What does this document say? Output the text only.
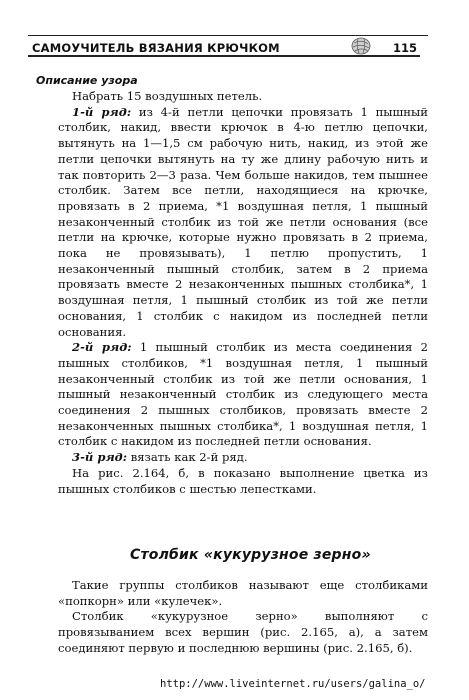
САМОУЧИТЕЛЬ ВЯЗАНИЯ КРЮЧКОМ	115
Описание узора

Набрать 15 воздушных петель.

1-й ряд: из 4-й петли цепочки провязать 1 пышный столбик, накид, ввести крючок в 4-ю петлю цепочки, вытянуть на 1—1,5 см рабочую нить, накид, из этой же петли цепочки вытянуть на ту же длину рабочую нить и так повторить 2—3 раза. Чем больше накидов, тем пышнее столбик. Затем все петли, находящиеся на крючке, провязать в 2 приема, *1 воздушная петля, 1 пышный незаконченный столбик из той же петли основания (все петли на крючке, которые нужно провязать в 2 приема, пока не провязывать), 1 петлю пропустить, 1 незаконченный пышный столбик, затем в 2 приема провязать вместе 2 незаконченных пышных столбика*, 1 воздушная петля, 1 пышный столбик из той же петли основания, 1 столбик с накидом из последней петли основания.

2-й ряд: 1 пышный столбик из места соединения 2 пышных столбиков, *1 воздушная петля, 1 пышный незаконченный столбик из той же петли основания, 1 пышный незаконченный столбик из следующего места соединения 2 пышных столбиков, провязать вместе 2 незаконченных пышных столбика*, 1 воздушная петля, 1 столбик с накидом из последней петли основания.

3-й ряд: вязать как 2-й ряд.

На рис. 2.164, б, в показано выполнение цветка из пышных столбиков с шестью лепестками.

Столбик «кукурузное зерно»

Такие группы столбиков называют еще столбиками «попкорн» или «кулечек».

Столбик «кукурузное зерно» выполняют с провязыванием всех вершин (рис. 2.165, а), а затем соединяют первую и последнюю вершины (рис. 2.165, б).

http://www.liveinternet.ru/users/galina_o/
